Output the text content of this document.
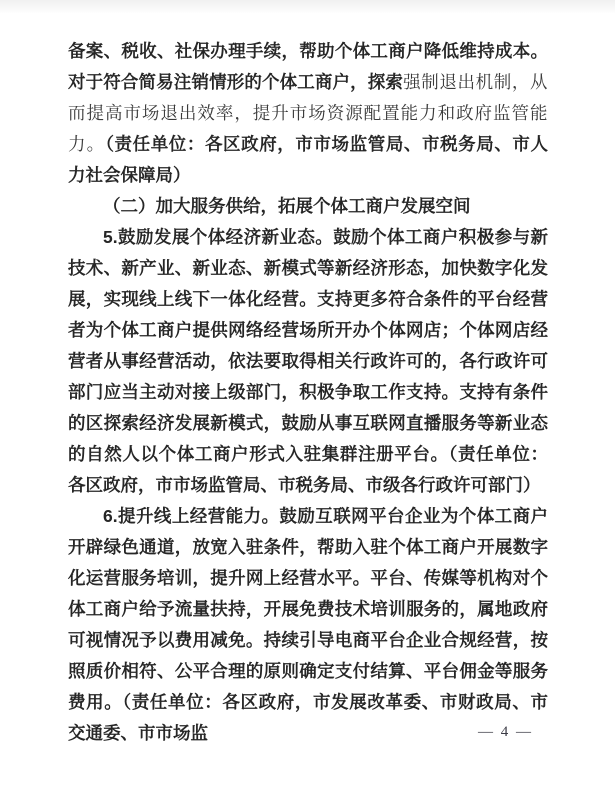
备案、税收、社保办理手续，帮助个体工商户降低维持成本。对于符合简易注销情形的个体工商户，探索强制退出机制，从而提高市场退出效率，提升市场资源配置能力和政府监管能力。（责任单位：各区政府，市市场监管局、市税务局、市人力社会保障局）

（二）加大服务供给，拓展个体工商户发展空间

5.鼓励发展个体经济新业态。鼓励个体工商户积极参与新技术、新产业、新业态、新模式等新经济形态，加快数字化发展，实现线上线下一体化经营。支持更多符合条件的平台经营者为个体工商户提供网络经营场所开办个体网店；个体网店经营者从事经营活动，依法要取得相关行政许可的，各行政许可部门应当主动对接上级部门，积极争取工作支持。支持有条件的区探索经济发展新模式，鼓励从事互联网直播服务等新业态的自然人以个体工商户形式入驻集群注册平台。（责任单位：各区政府，市市场监管局、市税务局、市级各行政许可部门）

6.提升线上经营能力。鼓励互联网平台企业为个体工商户开辟绿色通道，放宽入驻条件，帮助入驻个体工商户开展数字化运营服务培训，提升网上经营水平。平台、传媒等机构对个体工商户给予流量扶持，开展免费技术培训服务的，属地政府可视情况予以费用减免。持续引导电商平台企业合规经营，按照质价相符、公平合理的原则确定支付结算、平台佣金等服务费用。（责任单位：各区政府，市发展改革委、市财政局、市交通委、市市场监	— 4 —
